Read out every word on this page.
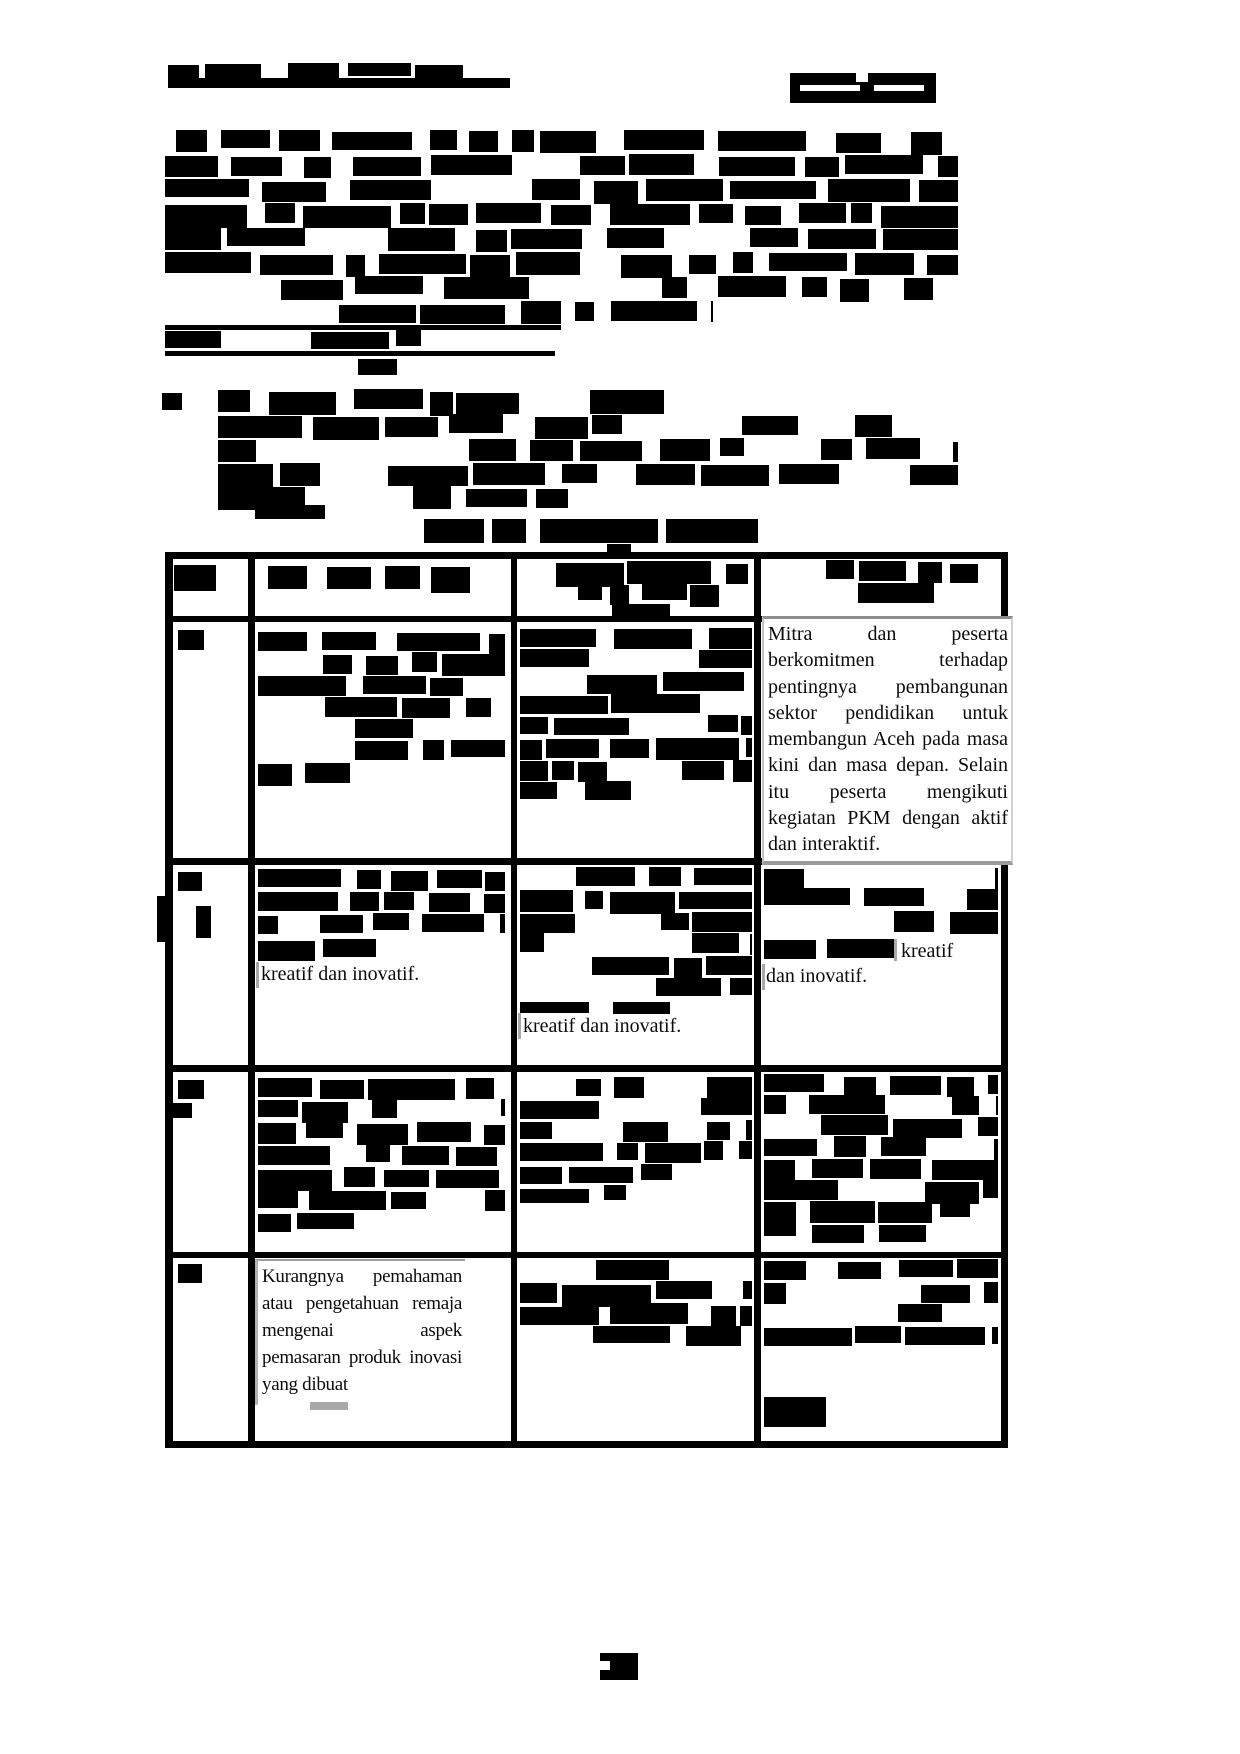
Mitra dan peserta berkomitmen terhadap pentingnya pembangunan sektor pendidikan untuk membangun Aceh pada masa kini dan masa depan. Selain itu peserta mengikuti kegiatan PKM dengan aktif dan interaktif.
kreatif dan inovatif.
kreatif dan inovatif.
kreatif
dan inovatif.
Kurangnya pemahaman atau pengetahuan remaja mengenai aspek pemasaran produk inovasi yang dibuat
